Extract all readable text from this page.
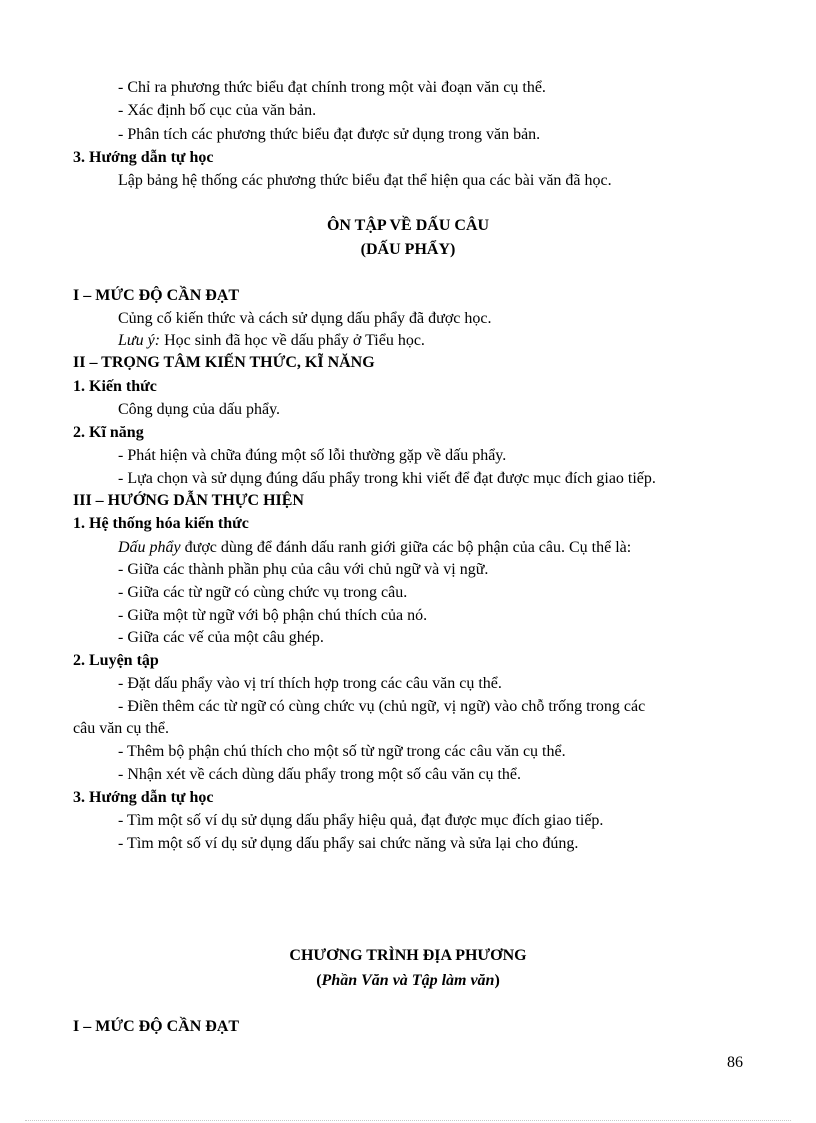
- Chỉ ra phương thức biểu đạt chính trong một vài đoạn văn cụ thể.
- Xác định bố cục của văn bản.
- Phân tích các phương thức biểu đạt được sử dụng trong văn bản.
3. Hướng dẫn tự học
Lập bảng hệ thống các phương thức biểu đạt thể hiện qua các bài văn đã học.
ÔN TẬP VỀ DẤU CÂU
(DẤU PHẨY)
I – MỨC ĐỘ CẦN ĐẠT
Củng cố kiến thức và cách sử dụng dấu phẩy đã được học.
Lưu ý: Học sinh đã học về dấu phẩy ở Tiểu học.
II – TRỌNG TÂM KIẾN THỨC, KĨ NĂNG
1. Kiến thức
Công dụng của dấu phẩy.
2. Kĩ năng
- Phát hiện và chữa đúng một số lỗi thường gặp về dấu phẩy.
- Lựa chọn và sử dụng đúng dấu phẩy trong khi viết để đạt được mục đích giao tiếp.
III – HƯỚNG DẪN THỰC HIỆN
1. Hệ thống hóa kiến thức
Dấu phẩy được dùng để đánh dấu ranh giới giữa các bộ phận của câu. Cụ thể là:
- Giữa các thành phần phụ của câu với chủ ngữ và vị ngữ.
- Giữa các từ ngữ có cùng chức vụ trong câu.
- Giữa một từ ngữ với bộ phận chú thích của nó.
- Giữa các vế của một câu ghép.
2. Luyện tập
- Đặt dấu phẩy vào vị trí thích hợp trong các câu văn cụ thể.
- Điền thêm các từ ngữ có cùng chức vụ (chủ ngữ, vị ngữ) vào chỗ trống trong các
câu văn cụ thể.
- Thêm bộ phận chú thích cho một số từ ngữ trong các câu văn cụ thể.
- Nhận xét về cách dùng dấu phẩy trong một số câu văn cụ thể.
3. Hướng dẫn tự học
- Tìm một số ví dụ sử dụng dấu phẩy hiệu quả, đạt được mục đích giao tiếp.
- Tìm một số ví dụ sử dụng dấu phẩy sai chức năng và sửa lại cho đúng.
CHƯƠNG TRÌNH ĐỊA PHƯƠNG
(Phần Văn và Tập làm văn)
I – MỨC ĐỘ CẦN ĐẠT
86
